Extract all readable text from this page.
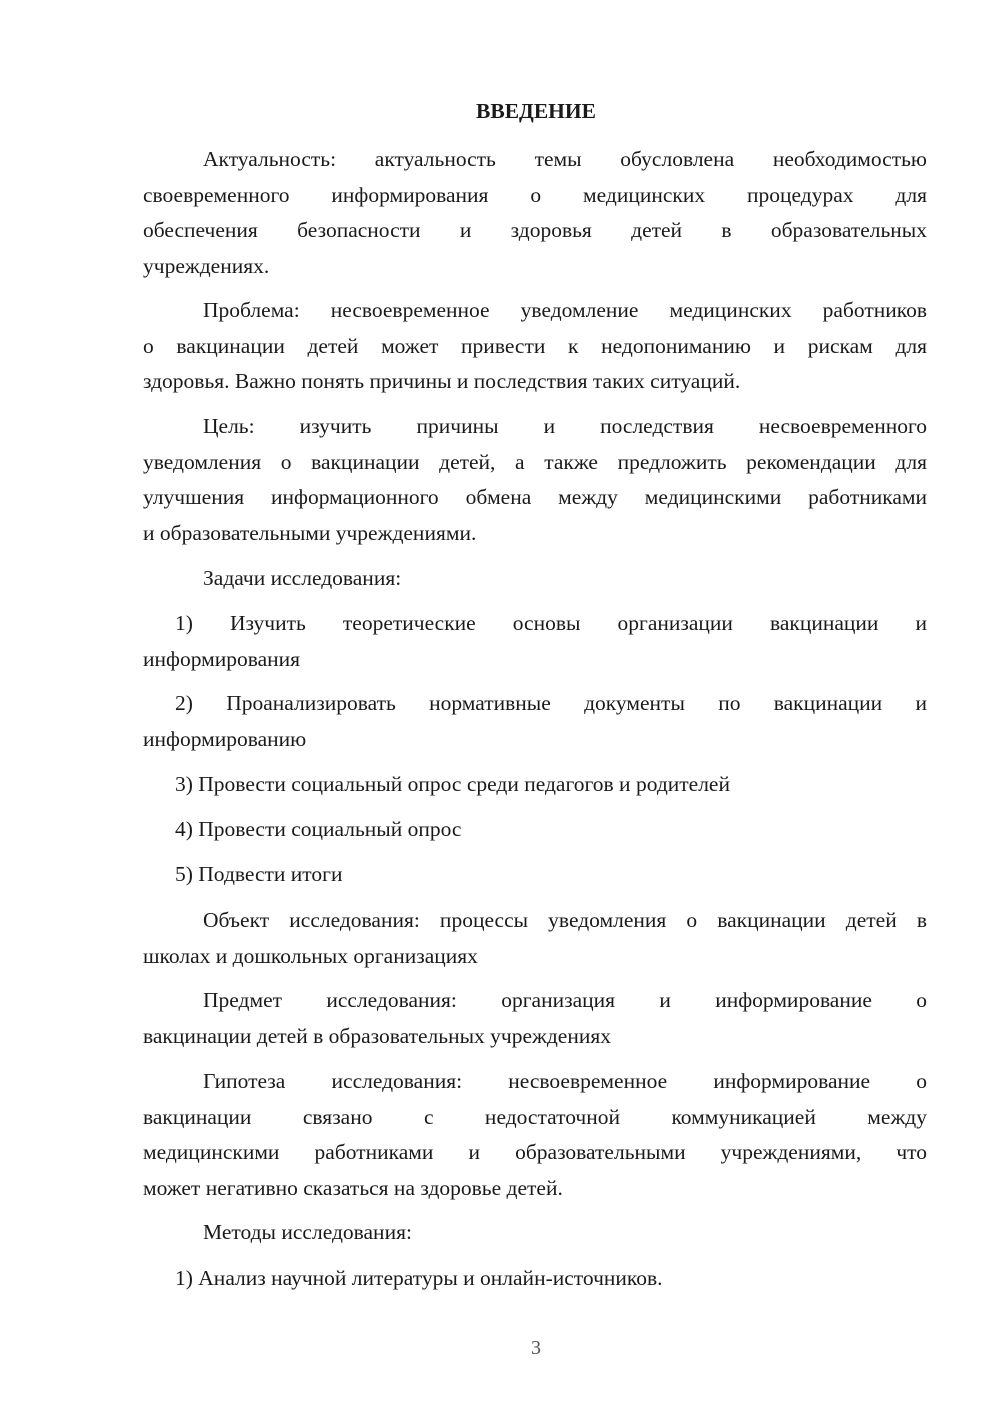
ВВЕДЕНИЕ
Актуальность: актуальность темы обусловлена необходимостью
своевременного информирования о медицинских процедурах для
обеспечения безопасности и здоровья детей в образовательных
учреждениях.
Проблема: несвоевременное уведомление медицинских работников
о вакцинации детей может привести к недопониманию и рискам для
здоровья. Важно понять причины и последствия таких ситуаций.
Цель: изучить причины и последствия несвоевременного
уведомления о вакцинации детей, а также предложить рекомендации для
улучшения информационного обмена между медицинскими работниками
и образовательными учреждениями.
Задачи исследования:
1) Изучить теоретические основы организации вакцинации и
информирования
2) Проанализировать нормативные документы по вакцинации и
информированию
3) Провести социальный опрос среди педагогов и родителей
4) Провести социальный опрос
5) Подвести итоги
Объект исследования: процессы уведомления о вакцинации детей в
школах и дошкольных организациях
Предмет исследования: организация и информирование о
вакцинации детей в образовательных учреждениях
Гипотеза исследования: несвоевременное информирование о
вакцинации связано с недостаточной коммуникацией между
медицинскими работниками и образовательными учреждениями, что
может негативно сказаться на здоровье детей.
Методы исследования:
1) Анализ научной литературы и онлайн-источников.
3
